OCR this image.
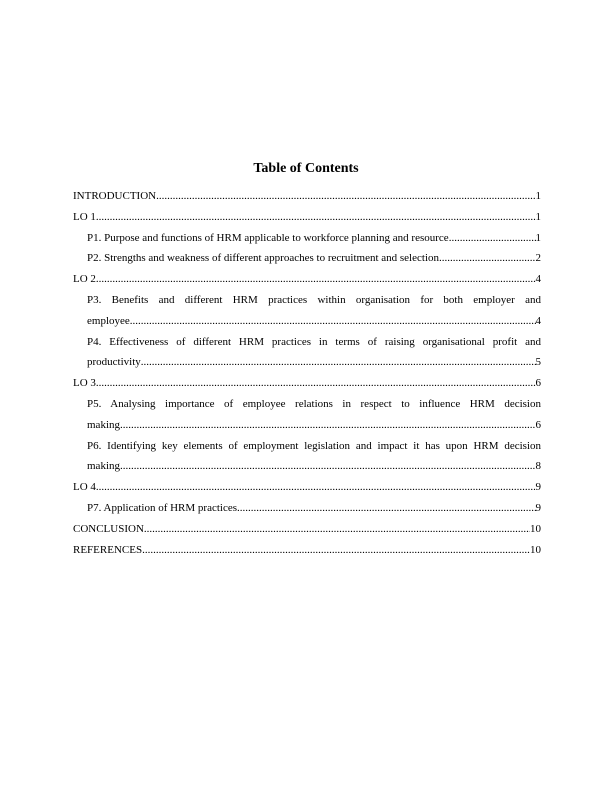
Table of Contents
INTRODUCTION .....	1
LO 1 .....	1
P1. Purpose and functions of HRM applicable to workforce planning and resource .....	1
P2. Strengths and weakness of different approaches to recruitment and selection .....	2
LO 2 .....	4
P3. Benefits and different HRM practices within organisation for both employer and
employee .....	4
P4. Effectiveness of different HRM practices in terms of raising organisational profit and
productivity .....	5
LO 3 .....	6
P5. Analysing importance of employee relations in respect to influence HRM decision
making .....	6
P6. Identifying key elements of employment legislation and impact it has upon HRM decision
making .....	8
LO 4 .....	9
P7. Application of HRM practices .....	9
CONCLUSION .....	10
REFERENCES .....	10
